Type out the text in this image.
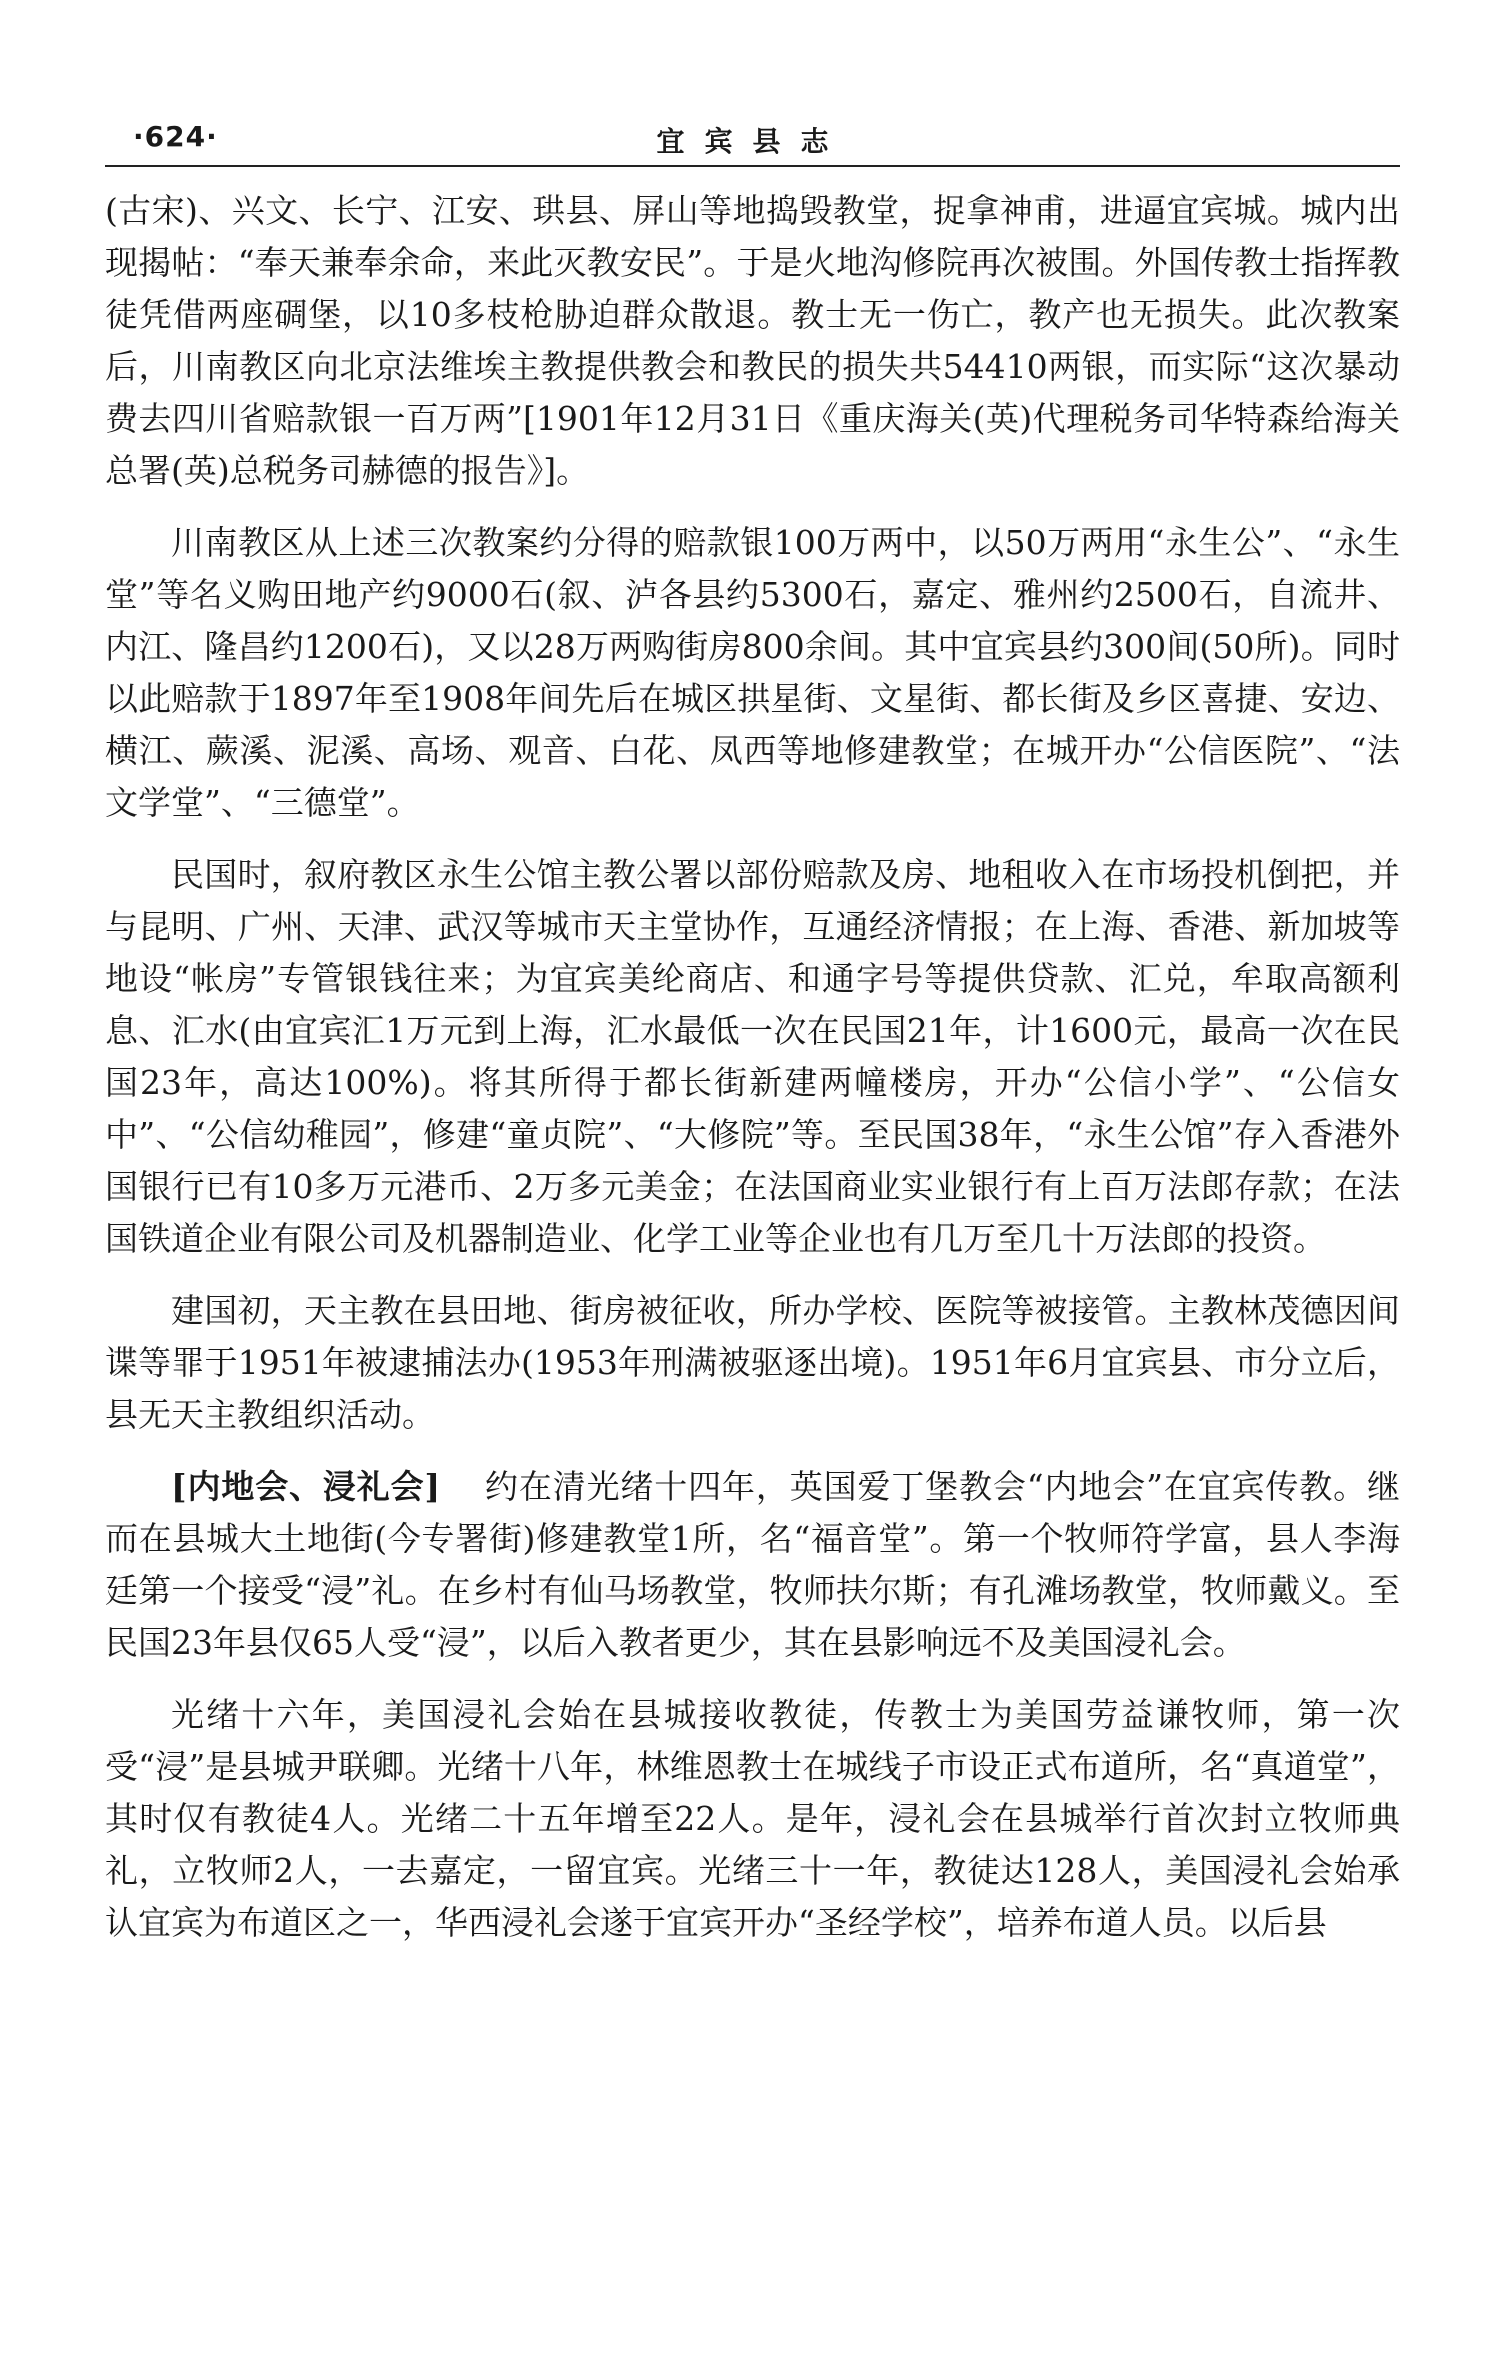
·624·	宜宾县志

(古宋)、兴文、长宁、江安、珙县、屏山等地捣毁教堂，捉拿神甫，进逼宜宾城。城内出现揭帖：“奉天兼奉余命，来此灭教安民”。于是火地沟修院再次被围。外国传教士指挥教徒凭借两座碉堡，以10多枝枪胁迫群众散退。教士无一伤亡，教产也无损失。此次教案后，川南教区向北京法维埃主教提供教会和教民的损失共54410两银，而实际“这次暴动费去四川省赔款银一百万两”[1901年12月31日《重庆海关(英)代理税务司华特森给海关总署(英)总税务司赫德的报告》]。

川南教区从上述三次教案约分得的赔款银100万两中，以50万两用“永生公”、“永生堂”等名义购田地产约9000石(叙、泸各县约5300石，嘉定、雅州约2500石，自流井、内江、隆昌约1200石)，又以28万两购街房800余间。其中宜宾县约300间(50所)。同时以此赔款于1897年至1908年间先后在城区拱星街、文星街、都长街及乡区喜捷、安边、横江、蕨溪、泥溪、高场、观音、白花、凤西等地修建教堂；在城开办“公信医院”、“法文学堂”、“三德堂”。

民国时，叙府教区永生公馆主教公署以部份赔款及房、地租收入在市场投机倒把，并与昆明、广州、天津、武汉等城市天主堂协作，互通经济情报；在上海、香港、新加坡等地设“帐房”专管银钱往来；为宜宾美纶商店、和通字号等提供贷款、汇兑，牟取高额利息、汇水(由宜宾汇1万元到上海，汇水最低一次在民国21年，计1600元，最高一次在民国23年，高达100%)。将其所得于都长街新建两幢楼房，开办“公信小学”、“公信女中”、“公信幼稚园”，修建“童贞院”、“大修院”等。至民国38年，“永生公馆”存入香港外国银行已有10多万元港币、2万多元美金；在法国商业实业银行有上百万法郎存款；在法国铁道企业有限公司及机器制造业、化学工业等企业也有几万至几十万法郎的投资。

建国初，天主教在县田地、街房被征收，所办学校、医院等被接管。主教林茂德因间谍等罪于1951年被逮捕法办(1953年刑满被驱逐出境)。1951年6月宜宾县、市分立后，县无天主教组织活动。

[内地会、浸礼会] 约在清光绪十四年，英国爱丁堡教会“内地会”在宜宾传教。继而在县城大土地街(今专署街)修建教堂1所，名“福音堂”。第一个牧师符学富，县人李海廷第一个接受“浸”礼。在乡村有仙马场教堂，牧师扶尔斯；有孔滩场教堂，牧师戴义。至民国23年县仅65人受“浸”，以后入教者更少，其在县影响远不及美国浸礼会。

光绪十六年，美国浸礼会始在县城接收教徒，传教士为美国劳益谦牧师，第一次受“浸”是县城尹联卿。光绪十八年，林维恩教士在城线子市设正式布道所，名“真道堂”，其时仅有教徒4人。光绪二十五年增至22人。是年，浸礼会在县城举行首次封立牧师典礼，立牧师2人，一去嘉定，一留宜宾。光绪三十一年，教徒达128人，美国浸礼会始承认宜宾为布道区之一，华西浸礼会遂于宜宾开办“圣经学校”，培养布道人员。以后县
